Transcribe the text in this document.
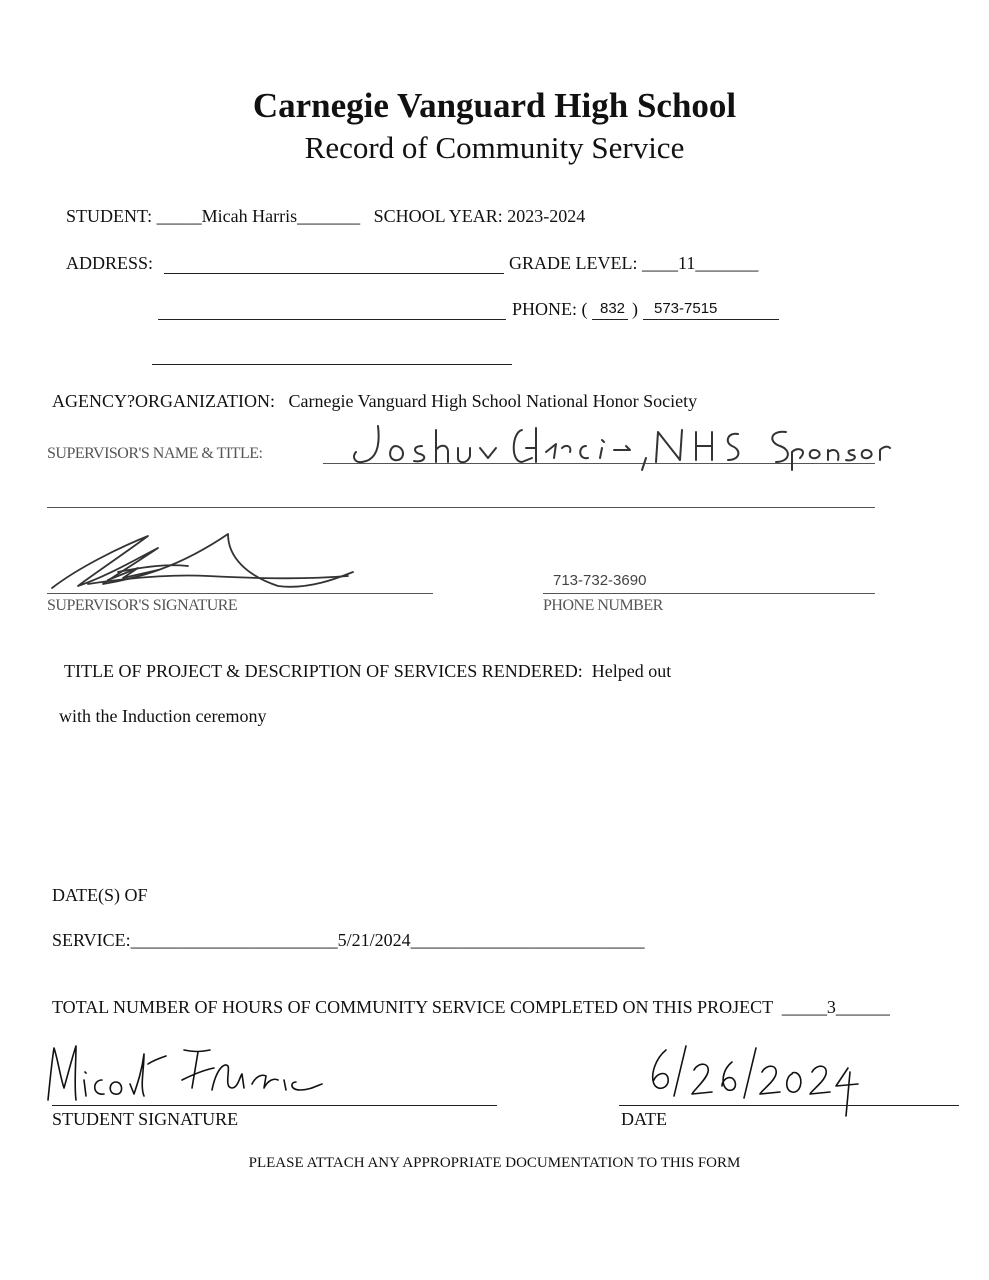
Carnegie Vanguard High School
Record of Community Service
STUDENT: _____Micah Harris_______ SCHOOL YEAR: 2023-2024
ADDRESS:	GRADE LEVEL: ____11_______
PHONE: ( 832 ) 573-7515
AGENCY?ORGANIZATION: Carnegie Vanguard High School National Honor Society
SUPERVISOR'S NAME & TITLE:
SUPERVISOR'S SIGNATURE
713-732-3690
PHONE NUMBER
TITLE OF PROJECT & DESCRIPTION OF SERVICES RENDERED: Helped out
with the Induction ceremony
DATE(S) OF
SERVICE:_______________________5/21/2024__________________________
TOTAL NUMBER OF HOURS OF COMMUNITY SERVICE COMPLETED ON THIS PROJECT _____3______
STUDENT SIGNATURE	DATE
PLEASE ATTACH ANY APPROPRIATE DOCUMENTATION TO THIS FORM
